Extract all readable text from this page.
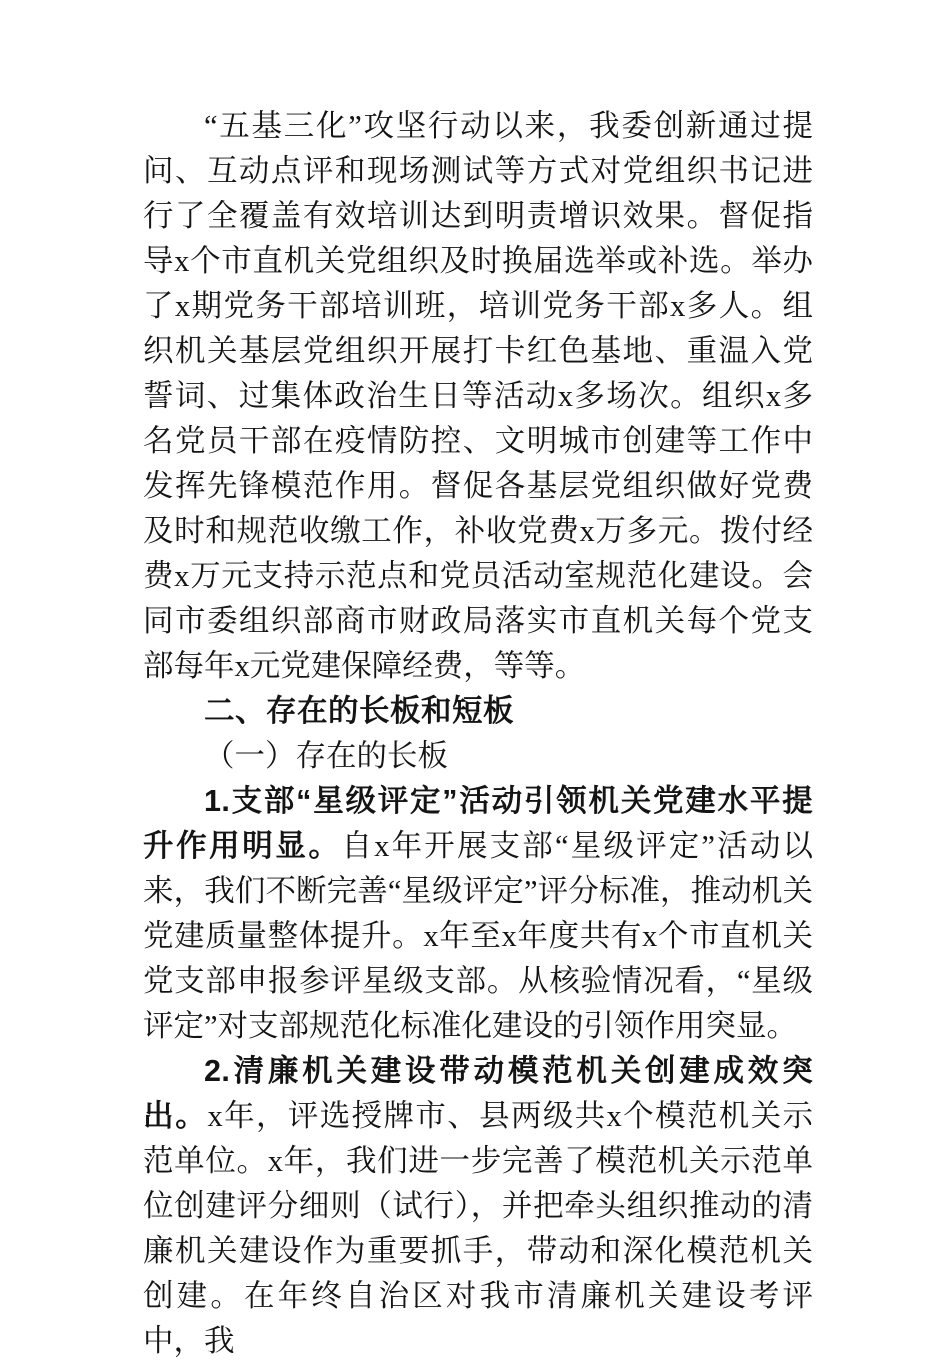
“五基三化”攻坚行动以来，我委创新通过提问、互动点评和现场测试等方式对党组织书记进行了全覆盖有效培训达到明责增识效果。督促指导x个市直机关党组织及时换届选举或补选。举办了x期党务干部培训班，培训党务干部x多人。组织机关基层党组织开展打卡红色基地、重温入党誓词、过集体政治生日等活动x多场次。组织x多名党员干部在疫情防控、文明城市创建等工作中发挥先锋模范作用。督促各基层党组织做好党费及时和规范收缴工作，补收党费x万多元。拨付经费x万元支持示范点和党员活动室规范化建设。会同市委组织部商市财政局落实市直机关每个党支部每年x元党建保障经费，等等。

二、存在的长板和短板

（一）存在的长板

1.支部“星级评定”活动引领机关党建水平提升作用明显。自x年开展支部“星级评定”活动以来，我们不断完善“星级评定”评分标准，推动机关党建质量整体提升。x年至x年度共有x个市直机关党支部申报参评星级支部。从核验情况看，“星级评定”对支部规范化标准化建设的引领作用突显。

2.清廉机关建设带动模范机关创建成效突出。x年，评选授牌市、县两级共x个模范机关示范单位。x年，我们进一步完善了模范机关示范单位创建评分细则（试行），并把牵头组织推动的清廉机关建设作为重要抓手，带动和深化模范机关创建。在年终自治区对我市清廉机关建设考评中，我
